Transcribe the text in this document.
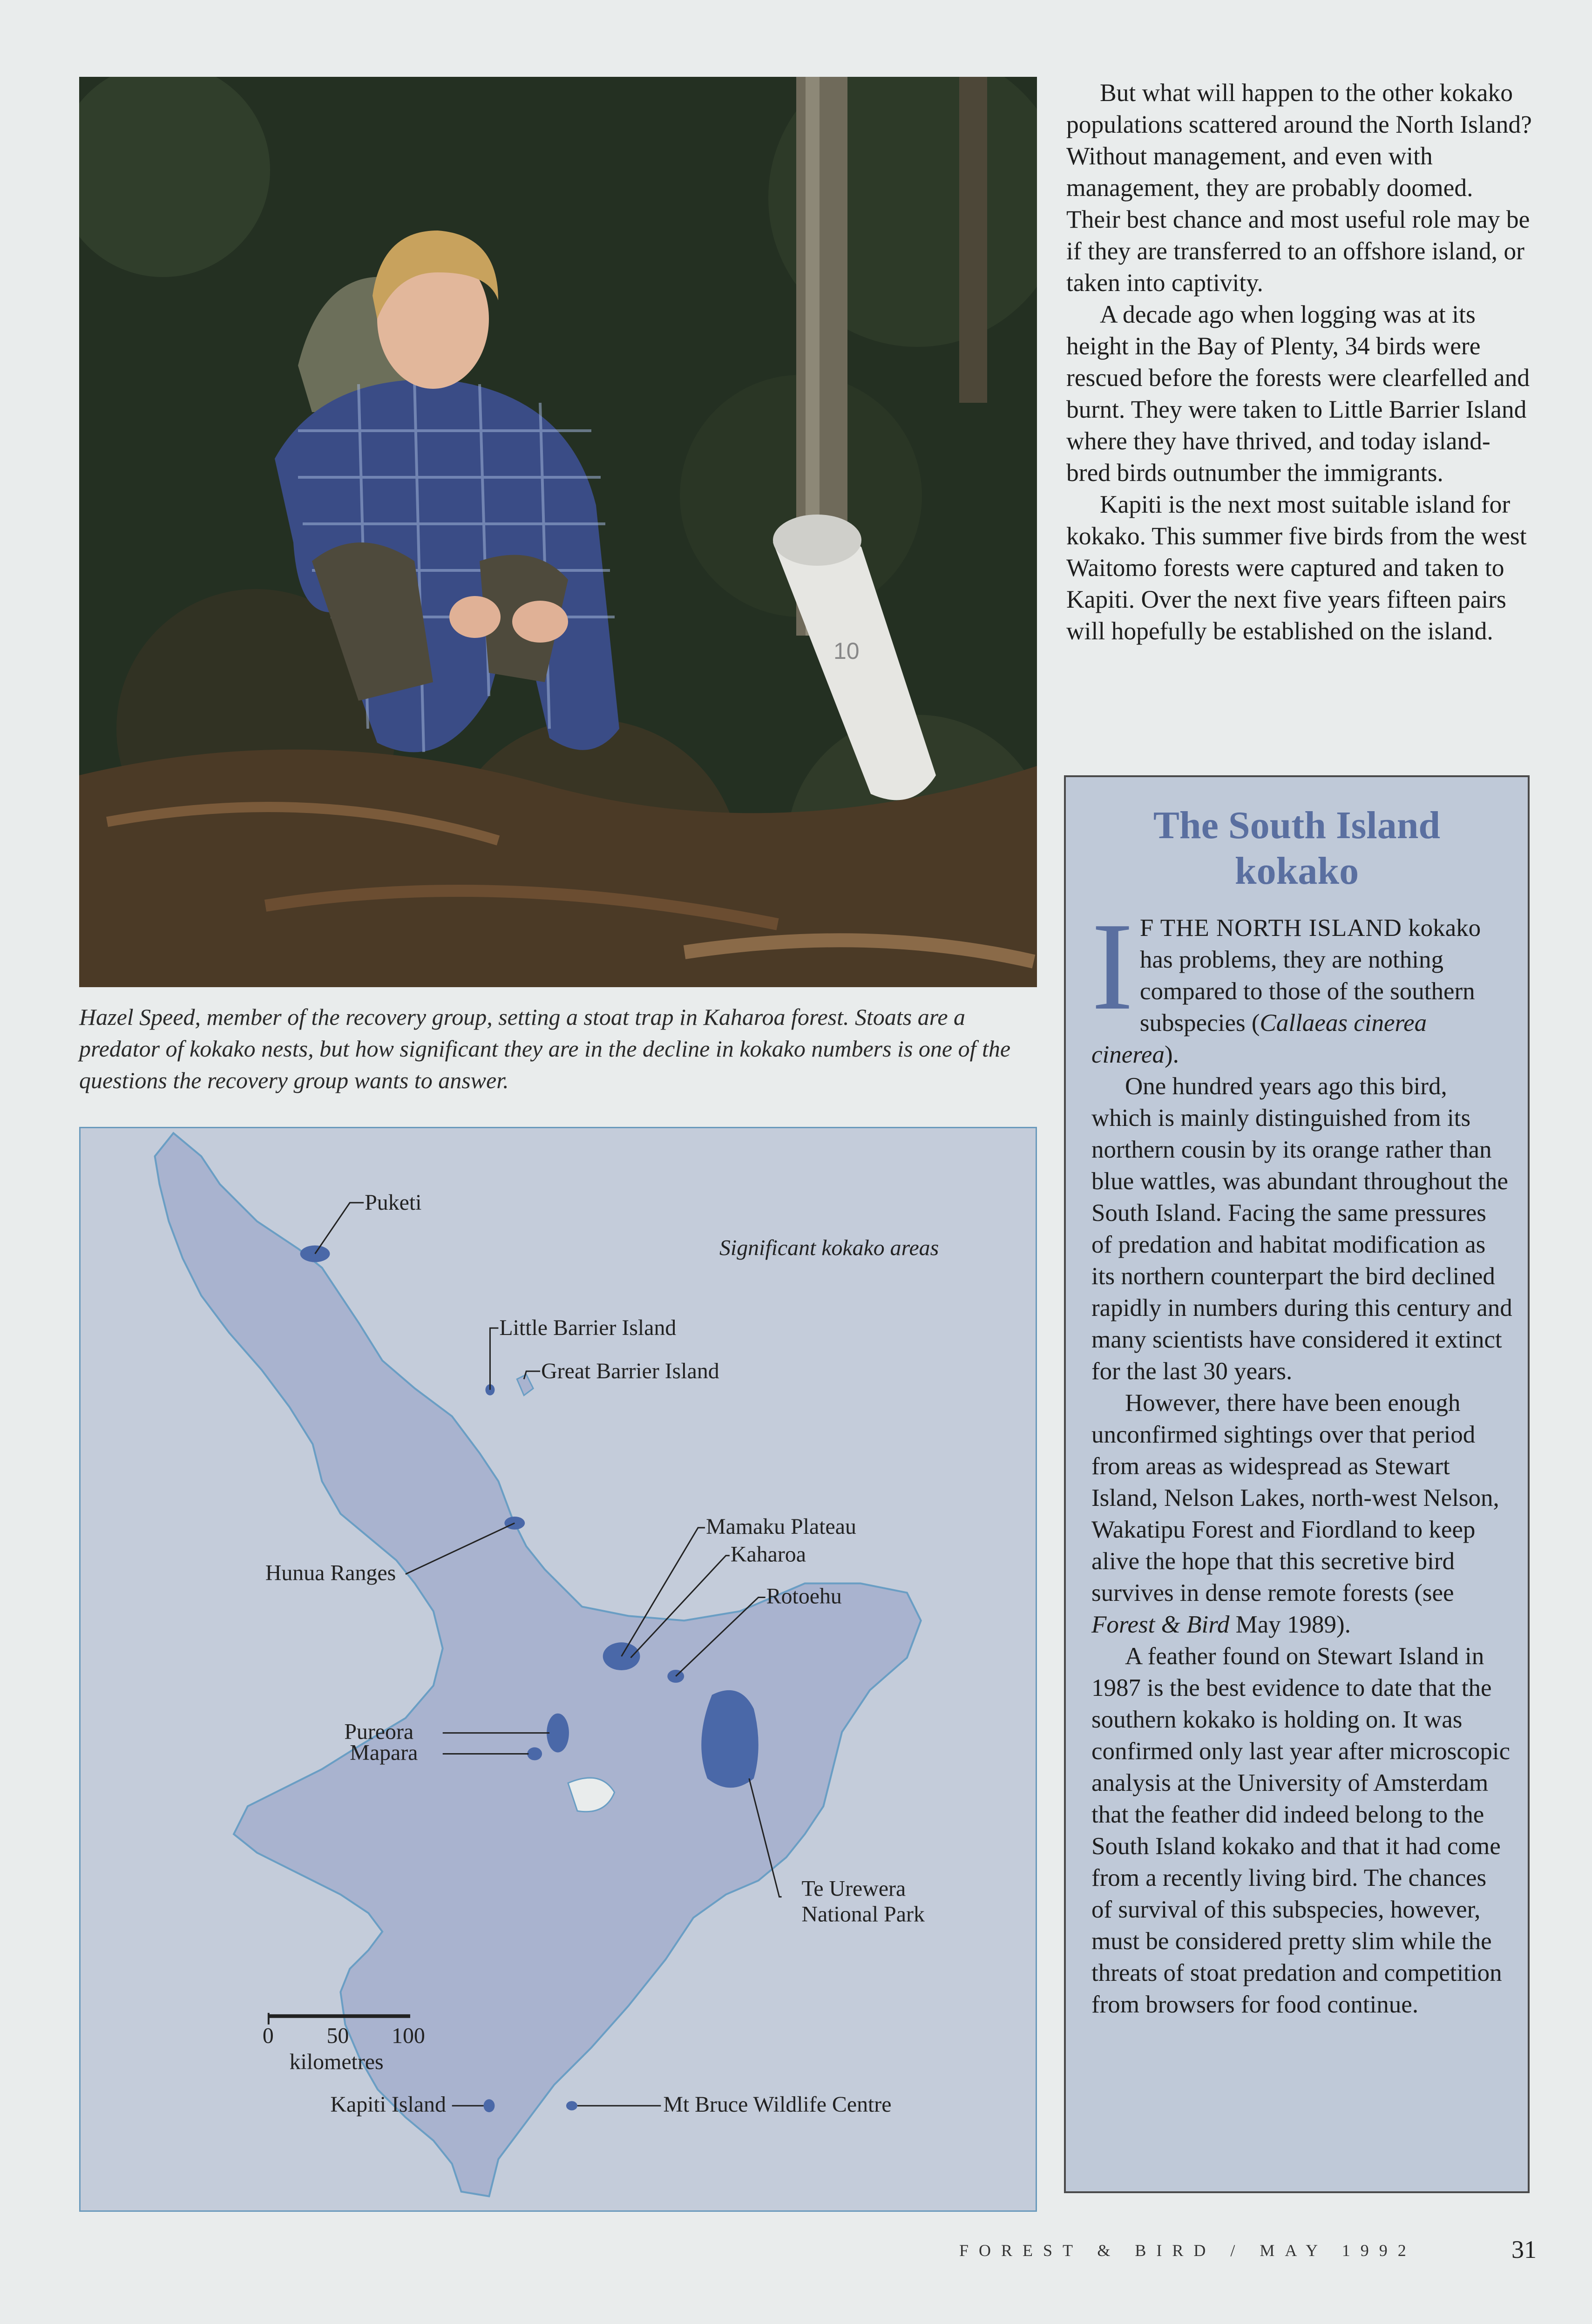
10

Hazel Speed, member of the recovery group, setting a stoat trap in Kaharoa forest. Stoats are a predator of kokako nests, but how significant they are in the decline in kokako numbers is one of the questions the recovery group wants to answer.

But what will happen to the other kokako populations scattered around the North Island? Without management, and even with management, they are probably doomed. Their best chance and most useful role may be if they are transferred to an offshore island, or taken into captivity.

A decade ago when logging was at its height in the Bay of Plenty, 34 birds were rescued before the forests were clearfelled and burnt. They were taken to Little Barrier Island where they have thrived, and today island-bred birds outnumber the immigrants.

Kapiti is the next most suitable island for kokako. This summer five birds from the west Waitomo forests were captured and taken to Kapiti. Over the next five years fifteen pairs will hopefully be established on the island.

The South Island
kokako

I F THE NORTH ISLAND kokako has problems, they are nothing compared to those of the southern subspecies (Callaeas cinerea cinerea).

One hundred years ago this bird, which is mainly distinguished from its northern cousin by its orange rather than blue wattles, was abundant throughout the South Island. Facing the same pressures of predation and habitat modification as its northern counterpart the bird declined rapidly in numbers during this century and many scientists have considered it extinct for the last 30 years.

However, there have been enough unconfirmed sightings over that period from areas as widespread as Stewart Island, Nelson Lakes, north-west Nelson, Wakatipu Forest and Fiordland to keep alive the hope that this secretive bird survives in dense remote forests (see Forest & Bird May 1989).

A feather found on Stewart Island in 1987 is the best evidence to date that the southern kokako is holding on. It was confirmed only last year after microscopic analysis at the University of Amsterdam that the feather did indeed belong to the South Island kokako and that it had come from a recently living bird. The chances of survival of this subspecies, however, must be considered pretty slim while the threats of stoat predation and competition from browsers for food continue.

Significant kokako areas
Puketi
Little Barrier Island
Great Barrier Island
Mamaku Plateau
Kaharoa
Rotoehu
Hunua Ranges
Pureora
Mapara
Te Urewera
National Park
Kapiti Island	Mt Bruce Wildlife Centre
0 50 100
kilometres
FOREST & BIRD / MAY 1992	31
